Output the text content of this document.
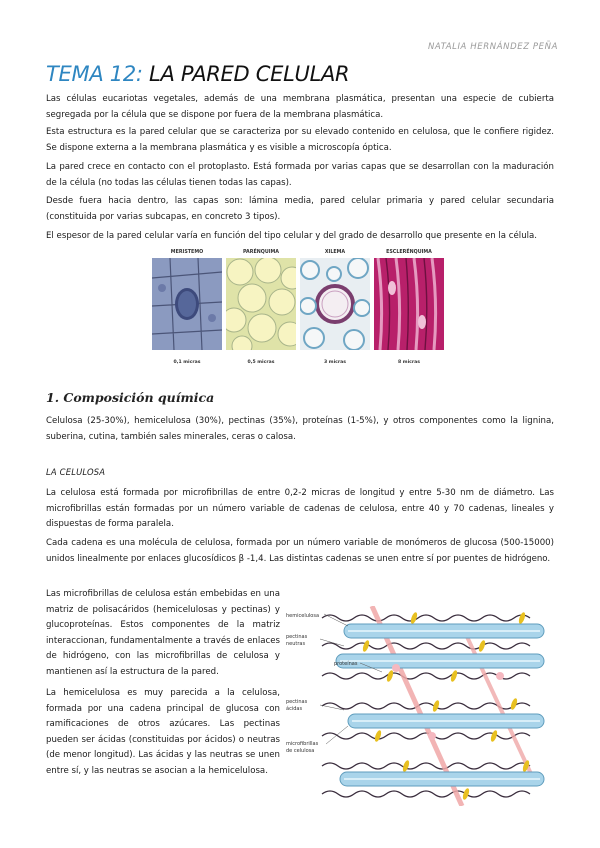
NATALIA HERNÁNDEZ PEÑA
TEMA 12: LA PARED CELULAR

Las células eucariotas vegetales, además de una membrana plasmática, presentan una especie de cubierta segregada por la célula que se dispone por fuera de la membrana plasmática.

Esta estructura es la pared celular que se caracteriza por su elevado contenido en celulosa, que le confiere rigidez. Se dispone externa a la membrana plasmática y es visible a microscopía óptica.

La pared crece en contacto con el protoplasto. Está formada por varias capas que se desarrollan con la maduración de la célula (no todas las células tienen todas las capas).

Desde fuera hacia dentro, las capas son: lámina media, pared celular primaria y pared celular secundaria (constituida por varias subcapas, en concreto 3 tipos).

El espesor de la pared celular varía en función del tipo celular y del grado de desarrollo que presente en la célula.

MERISTEMO
0,1 micras
PARÉNQUIMA
0,5 micras
XILEMA
3 micras
ESCLERÉNQUIMA
8 micras
1. Composición química

Celulosa (25-30%), hemicelulosa (30%), pectinas (35%), proteínas (1-5%), y otros componentes como la lignina, suberina, cutina, también sales minerales, ceras o calosa.

LA CELULOSA

La celulosa está formada por microfibrillas de entre 0,2-2 micras de longitud y entre 5-30 nm de diámetro. Las microfibrillas están formadas por un número variable de cadenas de celulosa, entre 40 y 70 cadenas, lineales y dispuestas de forma paralela.

Cada cadena es una molécula de celulosa, formada por un número variable de monómeros de glucosa (500-15000) unidos linealmente por enlaces glucosídicos β -1,4. Las distintas cadenas se unen entre sí por puentes de hidrógeno.

Las microfibrillas de celulosa están embebidas en una matriz de polisacáridos (hemicelulosas y pectinas) y glucoproteínas. Estos componentes de la matriz interaccionan, fundamentalmente a través de enlaces de hidrógeno, con las microfibrillas de celulosa y mantienen así la estructura de la pared.

La hemicelulosa es muy parecida a la celulosa, formada por una cadena principal de glucosa con ramificaciones de otros azúcares. Las pectinas pueden ser ácidas (constituidas por ácidos) o neutras (de menor longitud). Las ácidas y las neutras se unen entre sí, y las neutras se asocian a la hemicelulosa.

hemicelulosa
pectinas
neutras
proteínas
pectinas
ácidas
microfibrillas
de celulosa
